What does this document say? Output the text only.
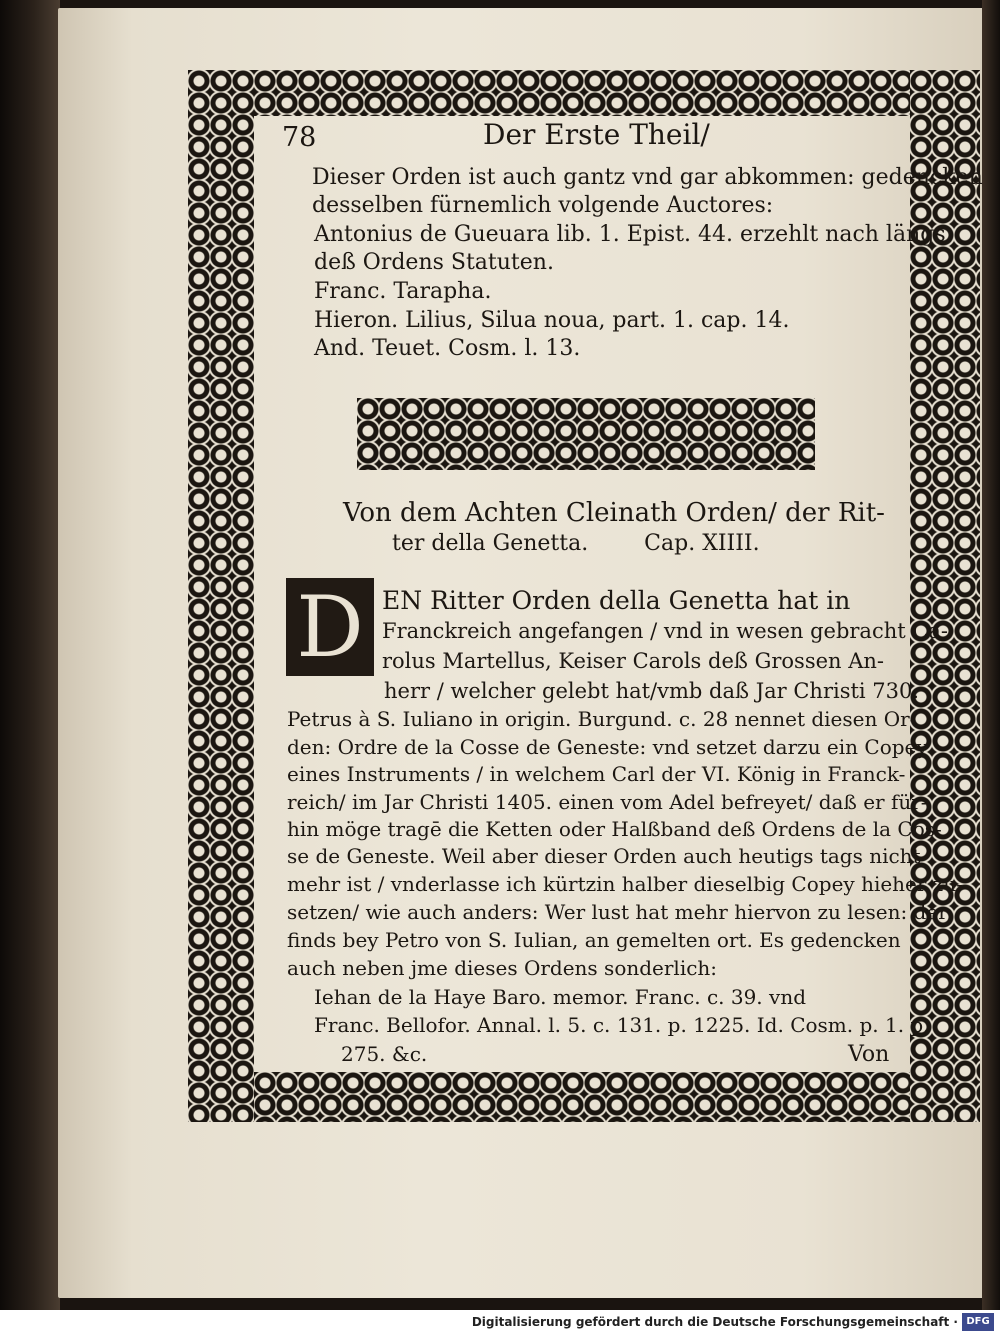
78	Der Erste Theil/
Dieser Orden ist auch gantz vnd gar abkommen: gedencken
desselben fürnemlich volgende Auctores:
Antonius de Gueuara lib. 1. Epist. 44. erzehlt nach längs
deß Ordens Statuten.
Franc. Tarapha.
Hieron. Lilius, Silua noua, part. 1. cap. 14.
And. Teuet. Cosm. l. 13.
Von dem Achten Cleinath Orden/ der Rit-
ter della Genetta.        Cap. XIIII.
D EN Ritter Orden della Genetta hat in
Franckreich angefangen / vnd in wesen gebracht Ca-
rolus Martellus, Keiser Carols deß Grossen An-
herr / welcher gelebt hat/vmb daß Jar Christi 730.
Petrus à S. Iuliano in origin. Burgund. c. 28 nennet diesen Or-
den: Ordre de la Cosse de Geneste: vnd setzet darzu ein Copey
eines Instruments / in welchem Carl der VI. König in Franck-
reich/ im Jar Christi 1405. einen vom Adel befreyet/ daß er für-
hin möge tragē die Ketten oder Halßband deß Ordens de la Cos-
se de Geneste. Weil aber dieser Orden auch heutigs tags nicht
mehr ist / vnderlasse ich kürtzin halber dieselbig Copey hieher zu-
setzen/ wie auch anders: Wer lust hat mehr hiervon zu lesen: der
finds bey Petro von S. Iulian, an gemelten ort. Es gedencken
auch neben jme dieses Ordens sonderlich:
Iehan de la Haye Baro. memor. Franc. c. 39. vnd
Franc. Bellofor. Annal. l. 5. c. 131. p. 1225. Id. Cosm. p. 1. p.
275. &c.	Von
Digitalisierung gefördert durch die Deutsche Forschungsgemeinschaft · DFG
